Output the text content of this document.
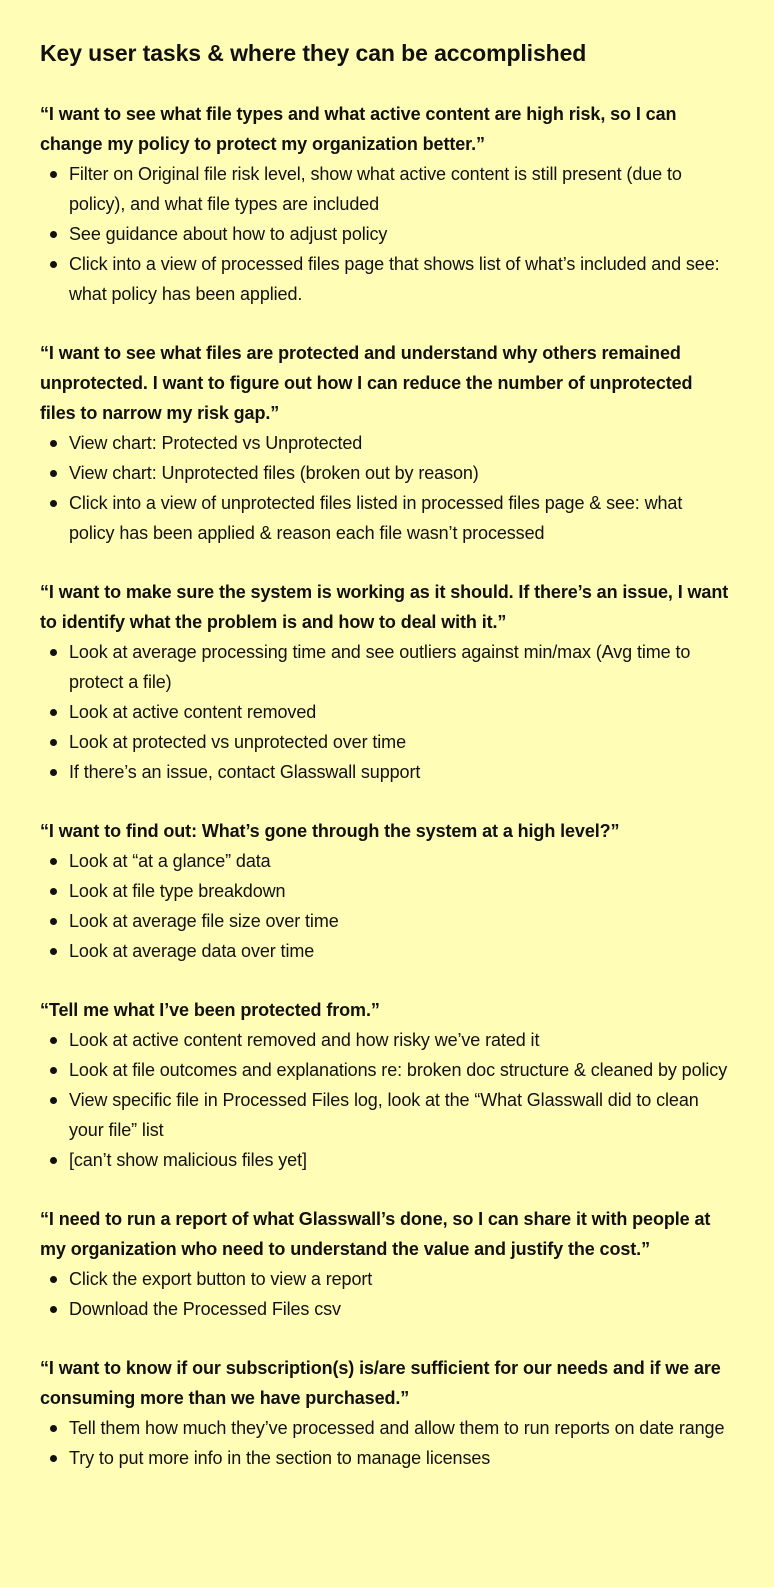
Key user tasks & where they can be accomplished

“I want to see what file types and what active content are high risk, so I can change my policy to protect my organization better.”

Filter on Original file risk level, show what active content is still present (due to policy), and what file types are included
See guidance about how to adjust policy
Click into a view of processed files page that shows list of what’s included and see: what policy has been applied.

“I want to see what files are protected and understand why others remained unprotected. I want to figure out how I can reduce the number of unprotected files to narrow my risk gap.”

View chart: Protected vs Unprotected
View chart: Unprotected files (broken out by reason)
Click into a view of unprotected files listed in processed files page & see: what policy has been applied & reason each file wasn’t processed

“I want to make sure the system is working as it should. If there’s an issue, I want to identify what the problem is and how to deal with it.”

Look at average processing time and see outliers against min/max (Avg time to protect a file)
Look at active content removed
Look at protected vs unprotected over time
If there’s an issue, contact Glasswall support

“I want to find out: What’s gone through the system at a high level?”

Look at “at a glance” data
Look at file type breakdown
Look at average file size over time
Look at average data over time

“Tell me what I’ve been protected from.”

Look at active content removed and how risky we’ve rated it
Look at file outcomes and explanations re: broken doc structure & cleaned by policy
View specific file in Processed Files log, look at the “What Glasswall did to clean your file” list
[can’t show malicious files yet]

“I need to run a report of what Glasswall’s done, so I can share it with people at my organization who need to understand the value and justify the cost.”

Click the export button to view a report
Download the Processed Files csv

“I want to know if our subscription(s) is/are sufficient for our needs and if we are consuming more than we have purchased.”

Tell them how much they’ve processed and allow them to run reports on date range
Try to put more info in the section to manage licenses
